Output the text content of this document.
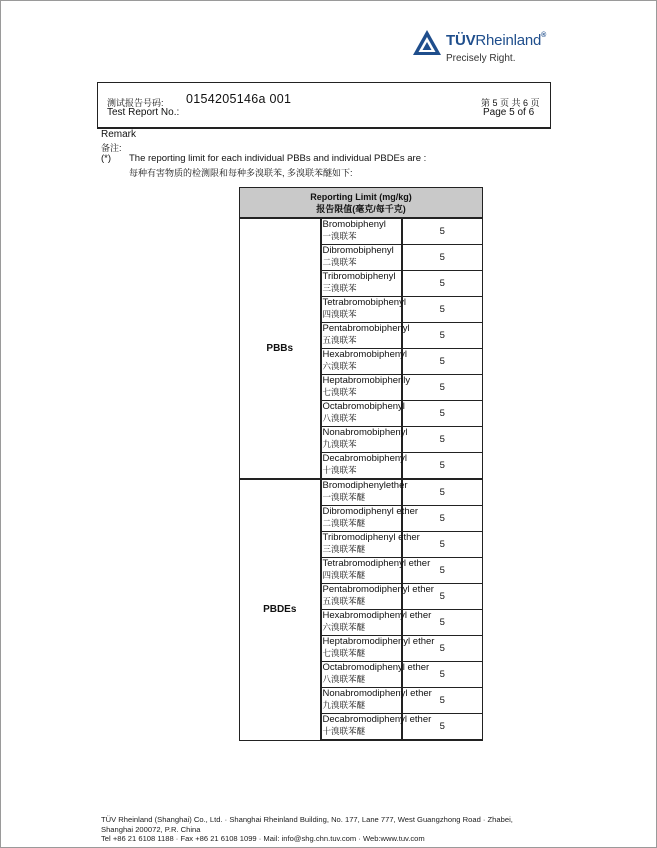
TÜVRheinland®
Precisely Right.
测试报告号码: 0154205146a 001
Test Report No.:
第 5 页 共 6 页
Page 5 of 6
Remark
备注:
(*) The reporting limit for each individual PBBs and individual PBDEs are :
每种有害物质的检测限和每种多溴联苯, 多溴联苯醚如下:
Reporting Limit (mg/kg)
报告限值(毫克/每千克)		

PBBs	Bromobiphenyl
一溴联苯	5
	Dibromobiphenyl
二溴联苯	5
	Tribromobiphenyl
三溴联苯	5
	Tetrabromobiphenyl
四溴联苯	5
	Pentabromobiphenyl
五溴联苯	5
	Hexabromobiphenyl
六溴联苯	5
	Heptabromobiphenly
七溴联苯	5
	Octabromobiphenyl
八溴联苯	5
	Nonabromobiphenyl
九溴联苯	5
	Decabromobiphenyl
十溴联苯	5
PBDEs	Bromodiphenylether
一溴联苯醚	5
	Dibromodiphenyl ether
二溴联苯醚	5
	Tribromodiphenyl ether
三溴联苯醚	5
	Tetrabromodiphenyl ether
四溴联苯醚	5
	Pentabromodiphenyl ether
五溴联苯醚	5
	Hexabromodiphenyl ether
六溴联苯醚	5
	Heptabromodiphenyl ether
七溴联苯醚	5
	Octabromodiphenyl ether
八溴联苯醚	5
	Nonabromodiphenyl ether
九溴联苯醚	5
	Decabromodiphenyl ether
十溴联苯醚	5
TÜV Rheinland (Shanghai) Co., Ltd. · Shanghai Rheinland Building, No. 177, Lane 777, West Guangzhong Road · Zhabei,
Shanghai 200072, P.R. China
Tel +86 21 6108 1188 · Fax +86 21 6108 1099 · Mail: info@shg.chn.tuv.com · Web:www.tuv.com
